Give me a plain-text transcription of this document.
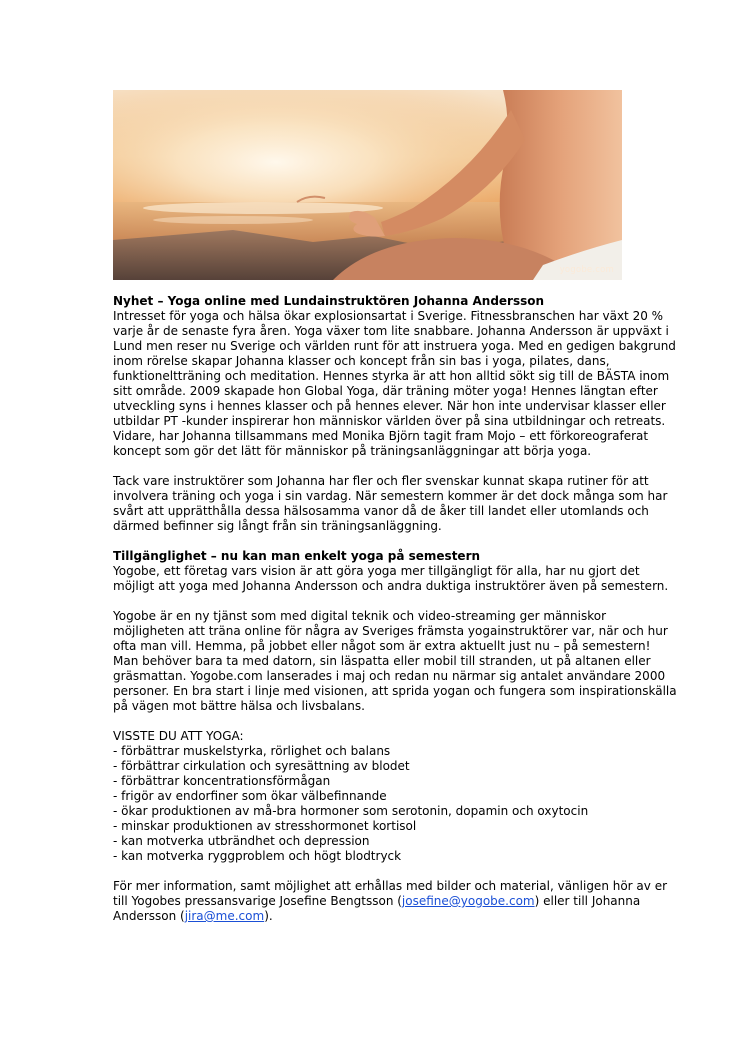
yogobe.com

Nyhet – Yoga online med Lundainstruktören Johanna Andersson
Intresset för yoga och hälsa ökar explosionsartat i Sverige. Fitnessbranschen har växt 20 %
varje år de senaste fyra åren. Yoga växer tom lite snabbare. Johanna Andersson är uppväxt i
Lund men reser nu Sverige och världen runt för att instruera yoga. Med en gedigen bakgrund
inom rörelse skapar Johanna klasser och koncept från sin bas i yoga, pilates, dans,
funktioneltträning och meditation. Hennes styrka är att hon alltid sökt sig till de BÄSTA inom
sitt område. 2009 skapade hon Global Yoga, där träning möter yoga! Hennes längtan efter
utveckling syns i hennes klasser och på hennes elever. När hon inte undervisar klasser eller
utbildar PT -kunder inspirerar hon människor världen över på sina utbildningar och retreats.
Vidare, har Johanna tillsammans med Monika Björn tagit fram Mojo – ett förkoreograferat
koncept som gör det lätt för människor på träningsanläggningar att börja yoga.

Tack vare instruktörer som Johanna har fler och fler svenskar kunnat skapa rutiner för att
involvera träning och yoga i sin vardag. När semestern kommer är det dock många som har
svårt att upprätthålla dessa hälsosamma vanor då de åker till landet eller utomlands och
därmed befinner sig långt från sin träningsanläggning.

Tillgänglighet – nu kan man enkelt yoga på semestern
Yogobe, ett företag vars vision är att göra yoga mer tillgängligt för alla, har nu gjort det
möjligt att yoga med Johanna Andersson och andra duktiga instruktörer även på semestern.

Yogobe är en ny tjänst som med digital teknik och video-streaming ger människor
möjligheten att träna online för några av Sveriges främsta yogainstruktörer var, när och hur
ofta man vill. Hemma, på jobbet eller något som är extra aktuellt just nu – på semestern!
Man behöver bara ta med datorn, sin läspatta eller mobil till stranden, ut på altanen eller
gräsmattan. Yogobe.com lanserades i maj och redan nu närmar sig antalet användare 2000
personer. En bra start i linje med visionen, att sprida yogan och fungera som inspirationskälla
på vägen mot bättre hälsa och livsbalans.

VISSTE DU ATT YOGA:
- förbättrar muskelstyrka, rörlighet och balans
- förbättrar cirkulation och syresättning av blodet
- förbättrar koncentrationsförmågan
- frigör av endorfiner som ökar välbefinnande
- ökar produktionen av må-bra hormoner som serotonin, dopamin och oxytocin
- minskar produktionen av stresshormonet kortisol
- kan motverka utbrändhet och depression
- kan motverka ryggproblem och högt blodtryck

För mer information, samt möjlighet att erhållas med bilder och material, vänligen hör av er
till Yogobes pressansvarige Josefine Bengtsson (josefine@yogobe.com) eller till Johanna
Andersson (jira@me.com).
